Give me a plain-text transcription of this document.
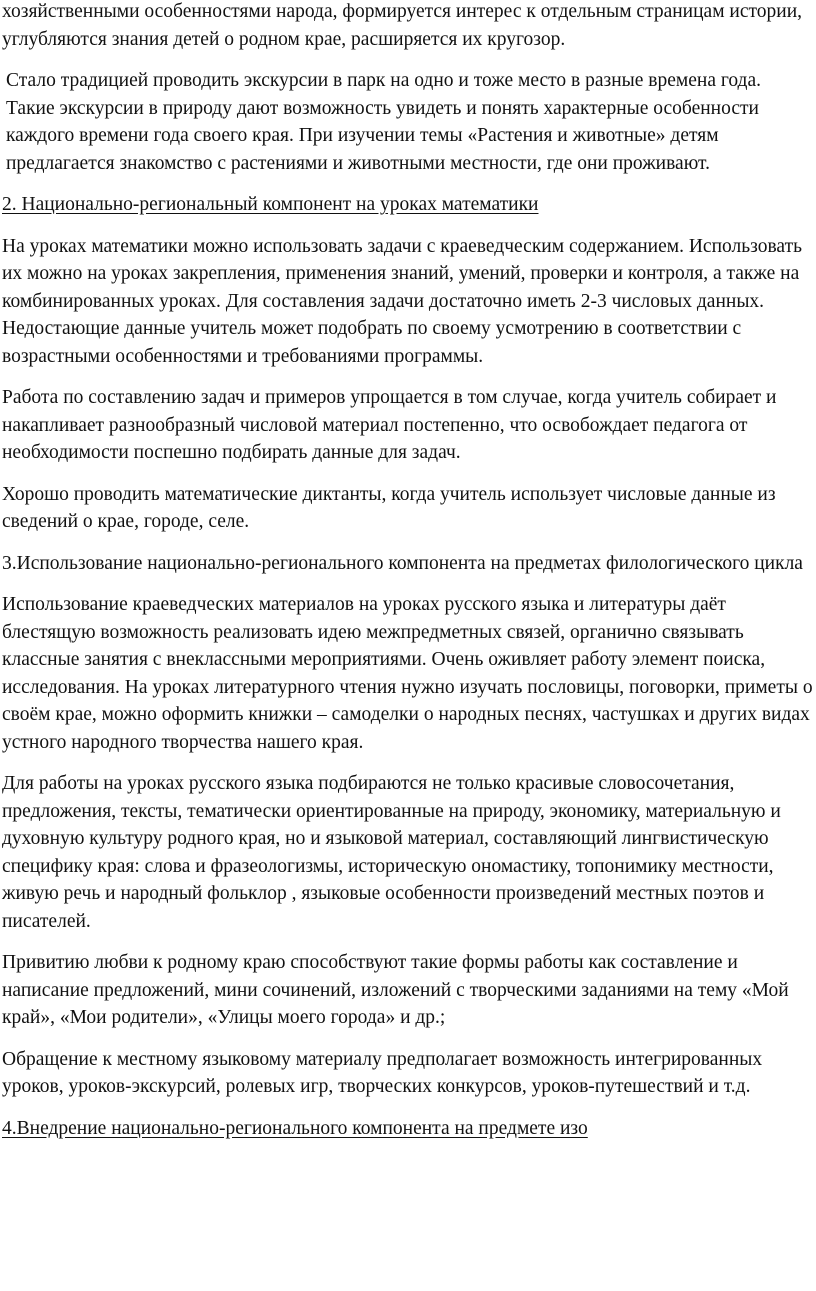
хозяйственными особенностями народа, формируется интерес к отдельным страницам истории, углубляются знания детей о родном крае, расширяется их кругозор.

Стало традицией проводить экскурсии в парк на одно и тоже место в разные времена года. Такие экскурсии в природу дают возможность увидеть и понять характерные особенности каждого времени года своего края. При изучении темы «Растения и животные» детям предлагается знакомство с растениями и животными местности, где они проживают.

2. Национально-региональный компонент на уроках математики

На уроках математики можно использовать задачи с краеведческим содержанием. Использовать их можно на уроках закрепления, применения знаний, умений, проверки и контроля, а также на комбинированных уроках. Для составления задачи достаточно иметь 2-3 числовых данных. Недостающие данные учитель может подобрать по своему усмотрению в соответствии с возрастными особенностями и требованиями программы.

Работа по составлению задач и примеров упрощается в том случае, когда учитель собирает и накапливает разнообразный числовой материал постепенно, что освобождает педагога от необходимости поспешно подбирать данные для задач.

Хорошо проводить математические диктанты, когда учитель использует числовые данные из сведений о крае, городе, селе.

3.Использование национально-регионального компонента на предметах филологического цикла

Использование краеведческих материалов на уроках русского языка и литературы даёт блестящую возможность реализовать идею межпредметных связей, органично связывать классные занятия с внеклассными мероприятиями. Очень оживляет работу элемент поиска, исследования. На уроках литературного чтения нужно изучать пословицы, поговорки, приметы о своём крае, можно оформить книжки – самоделки о народных песнях, частушках и других видах устного народного творчества нашего края.

Для работы на уроках русского языка подбираются не только красивые словосочетания, предложения, тексты, тематически ориентированные на природу, экономику, материальную и духовную культуру родного края, но и языковой материал, составляющий лингвистическую специфику края: слова и фразеологизмы, историческую ономастику, топонимику местности, живую речь и народный фольклор , языковые особенности произведений местных поэтов и писателей.

Привитию любви к родному краю способствуют такие формы работы как составление и написание предложений, мини сочинений, изложений с творческими заданиями на тему «Мой край», «Мои родители», «Улицы моего города» и др.;

Обращение к местному языковому материалу предполагает возможность интегрированных уроков, уроков-экскурсий, ролевых игр, творческих конкурсов, уроков-путешествий и т.д.

4.Внедрение национально-регионального компонента на предмете изо
